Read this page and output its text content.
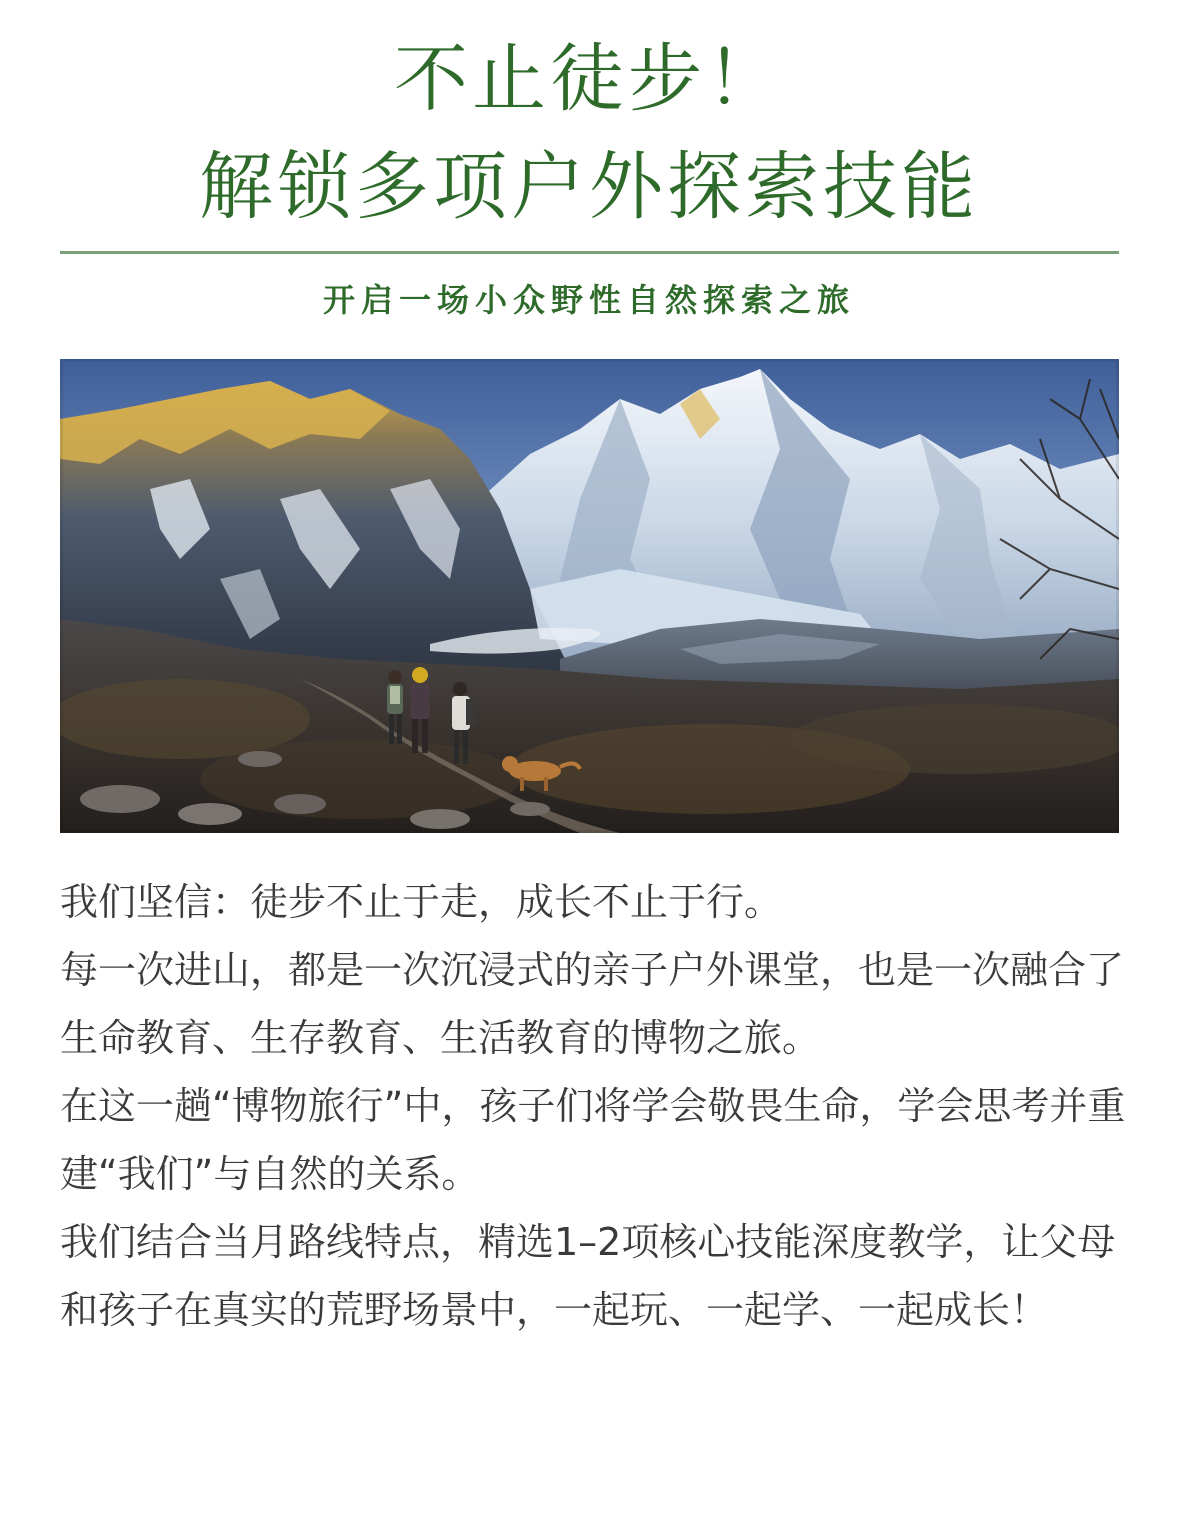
不止徒步！
解锁多项户外探索技能
开启一场小众野性自然探索之旅

我们坚信：徒步不止于走，成长不止于行。

每一次进山，都是一次沉浸式的亲子户外课堂，也是一次融合了生命教育、生存教育、生活教育的博物之旅。

在这一趟“博物旅行”中，孩子们将学会敬畏生命，学会思考并重建“我们”与自然的关系。

我们结合当月路线特点，精选1–2项核心技能深度教学，让父母和孩子在真实的荒野场景中，一起玩、一起学、一起成长！
